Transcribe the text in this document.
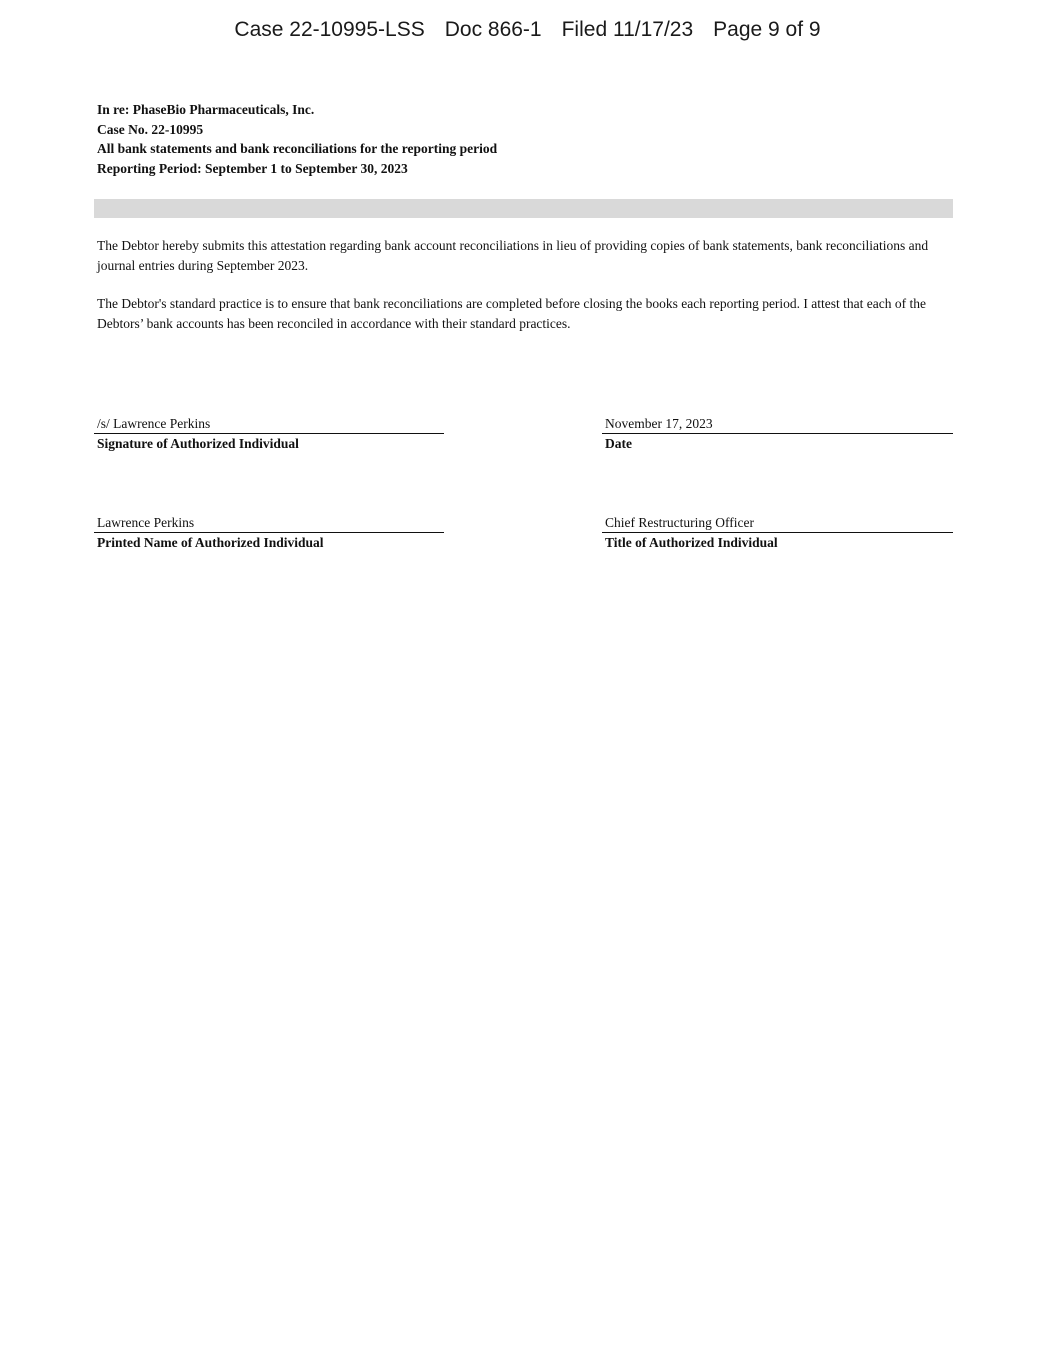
Case 22-10995-LSS Doc 866-1 Filed 11/17/23 Page 9 of 9
In re: PhaseBio Pharmaceuticals, Inc.
Case No. 22-10995
All bank statements and bank reconciliations for the reporting period
Reporting Period: September 1 to September 30, 2023

The Debtor hereby submits this attestation regarding bank account reconciliations in lieu of providing copies of bank statements, bank reconciliations and journal entries during September 2023.

The Debtor's standard practice is to ensure that bank reconciliations are completed before closing the books each reporting period. I attest that each of the Debtors’ bank accounts has been reconciled in accordance with their standard practices.

/s/ Lawrence Perkins
Signature of Authorized Individual
November 17, 2023
Date
Lawrence Perkins
Printed Name of Authorized Individual
Chief Restructuring Officer
Title of Authorized Individual
